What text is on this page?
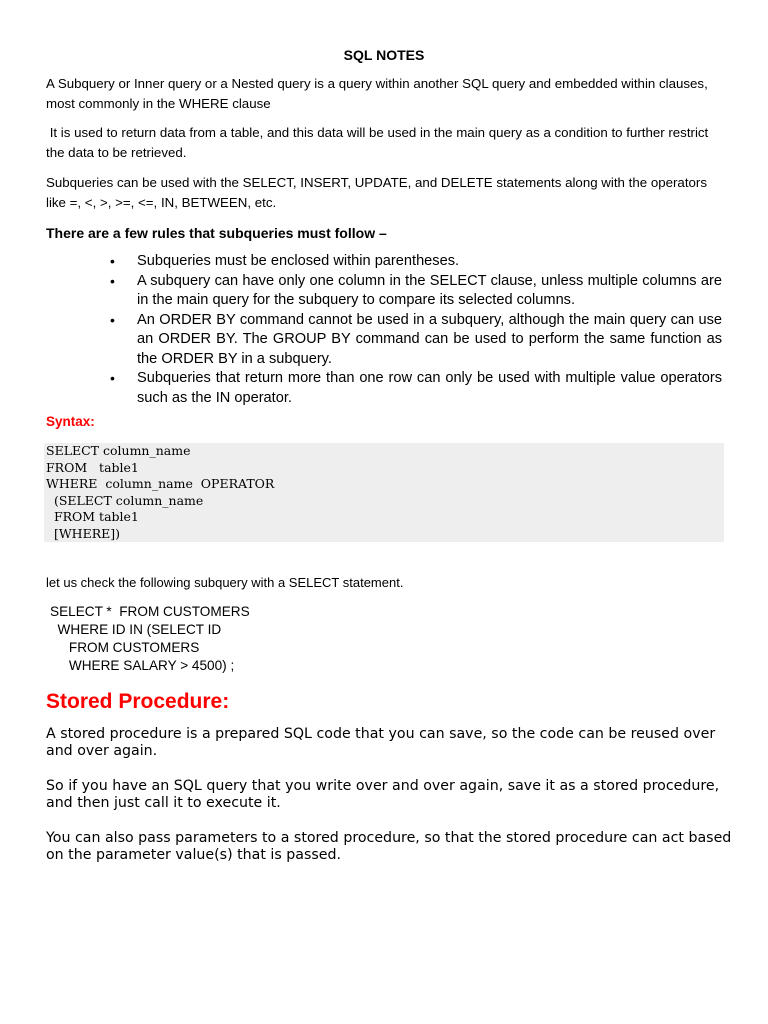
SQL NOTES

A Subquery or Inner query or a Nested query is a query within another SQL query and embedded within clauses, most commonly in the WHERE clause

It is used to return data from a table, and this data will be used in the main query as a condition to further restrict the data to be retrieved.

Subqueries can be used with the SELECT, INSERT, UPDATE, and DELETE statements along with the operators like =, <, >, >=, <=, IN, BETWEEN, etc.

There are a few rules that subqueries must follow –

• Subqueries must be enclosed within parentheses.
• A subquery can have only one column in the SELECT clause, unless multiple columns are in the main query for the subquery to compare its selected columns.
• An ORDER BY command cannot be used in a subquery, although the main query can use an ORDER BY. The GROUP BY command can be used to perform the same function as the ORDER BY in a subquery.
• Subqueries that return more than one row can only be used with multiple value operators such as the IN operator.

Syntax:

SELECT column_name
FROM   table1
WHERE  column_name  OPERATOR
(SELECT column_name
FROM table1
[WHERE])

let us check the following subquery with a SELECT statement.

SELECT *  FROM CUSTOMERS
WHERE ID IN (SELECT ID
FROM CUSTOMERS
WHERE SALARY > 4500) ;
Stored Procedure:

A stored procedure is a prepared SQL code that you can save, so the code can be reused over and over again.

So if you have an SQL query that you write over and over again, save it as a stored procedure, and then just call it to execute it.

You can also pass parameters to a stored procedure, so that the stored procedure can act based on the parameter value(s) that is passed.
